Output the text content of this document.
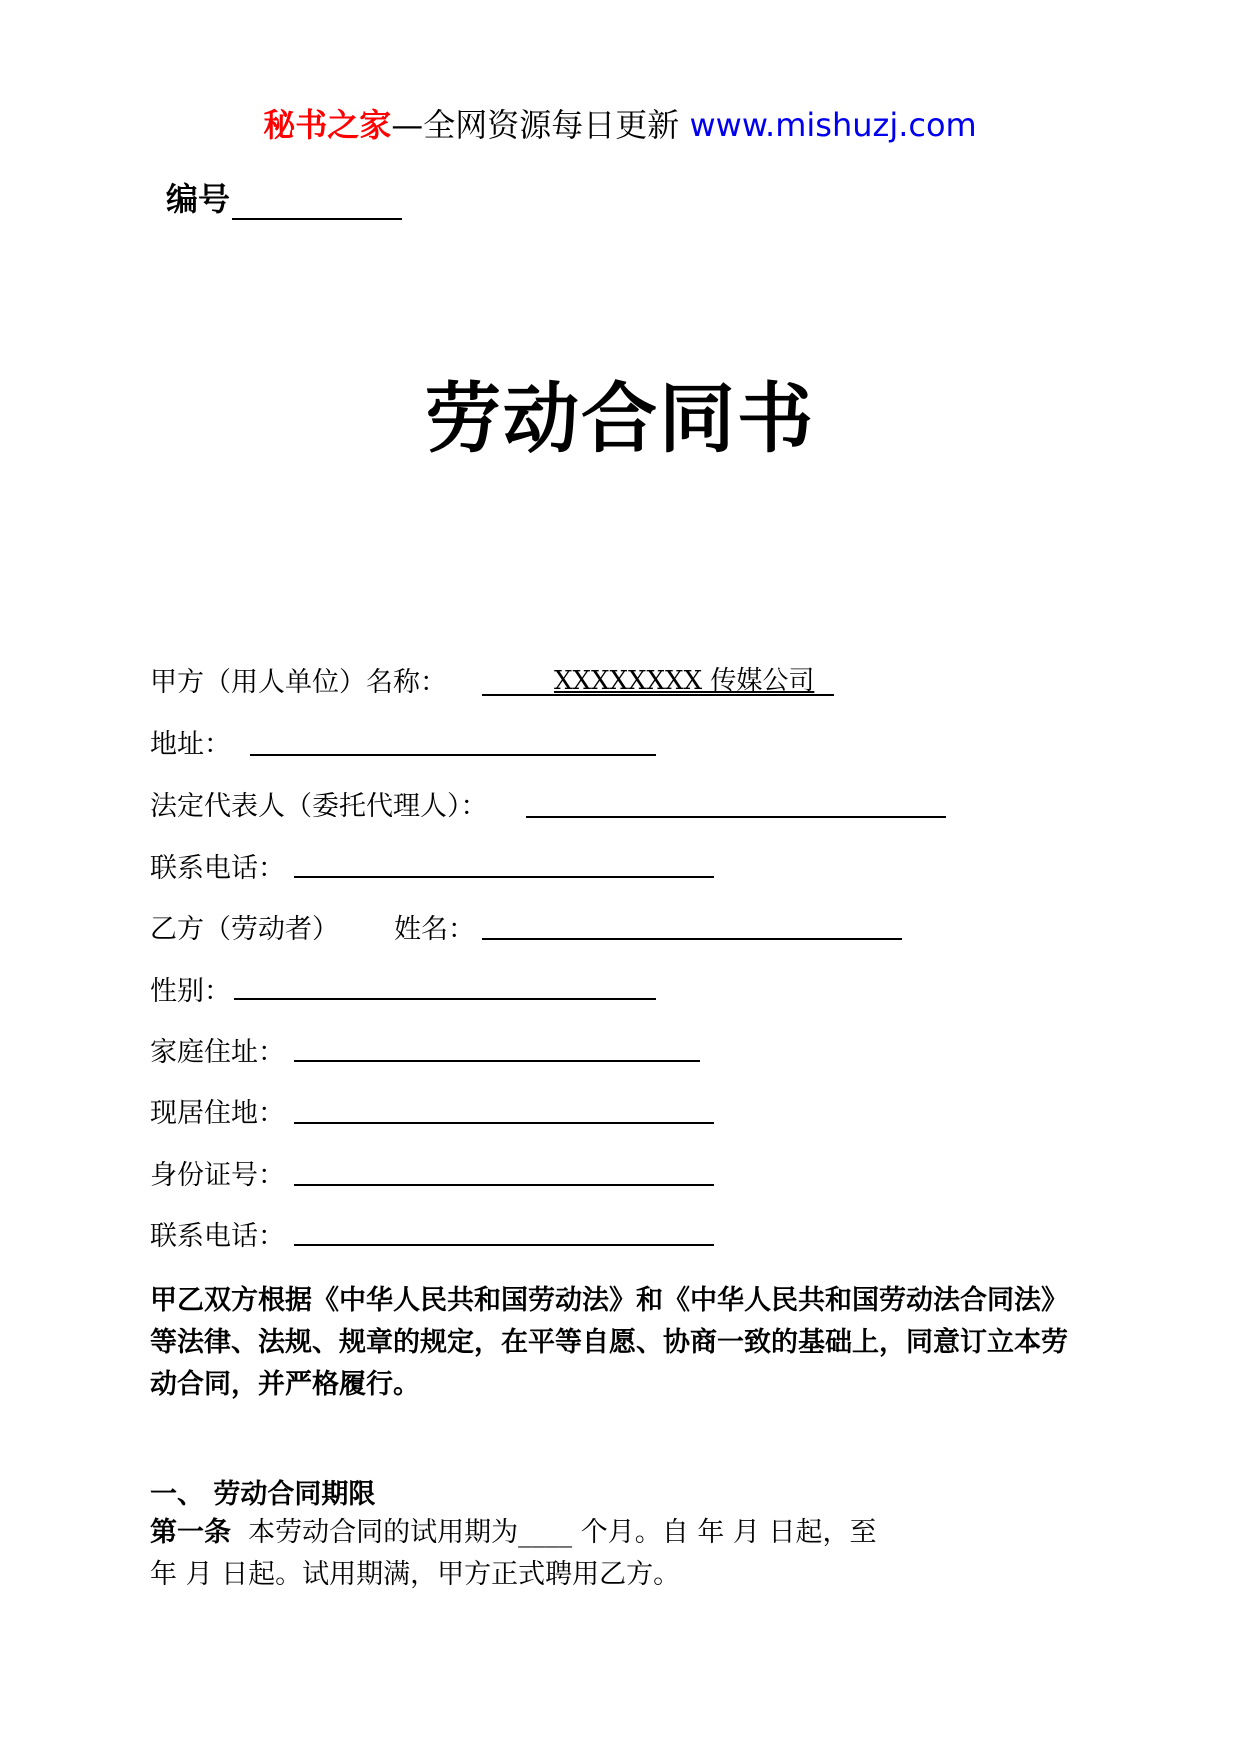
秘书之家—全网资源每日更新 www.mishuzj.com
编号
劳动合同书
甲方（用人单位）名称：	XXXXXXXX 传媒公司
地址：
法定代表人（委托代理人）：
联系电话：
乙方（劳动者） 姓名：
性别：
家庭住址：
现居住地：
身份证号：
联系电话：
甲乙双方根据《中华人民共和国劳动法》和《中华人民共和国劳动法合同法》等法律、法规、规章的规定，在平等自愿、协商一致的基础上，同意订立本劳动合同，并严格履行。
一、 劳动合同期限
第一条 本劳动合同的试用期为____ 个月。自 年 月 日起，至
年 月 日起。试用期满，甲方正式聘用乙方。
